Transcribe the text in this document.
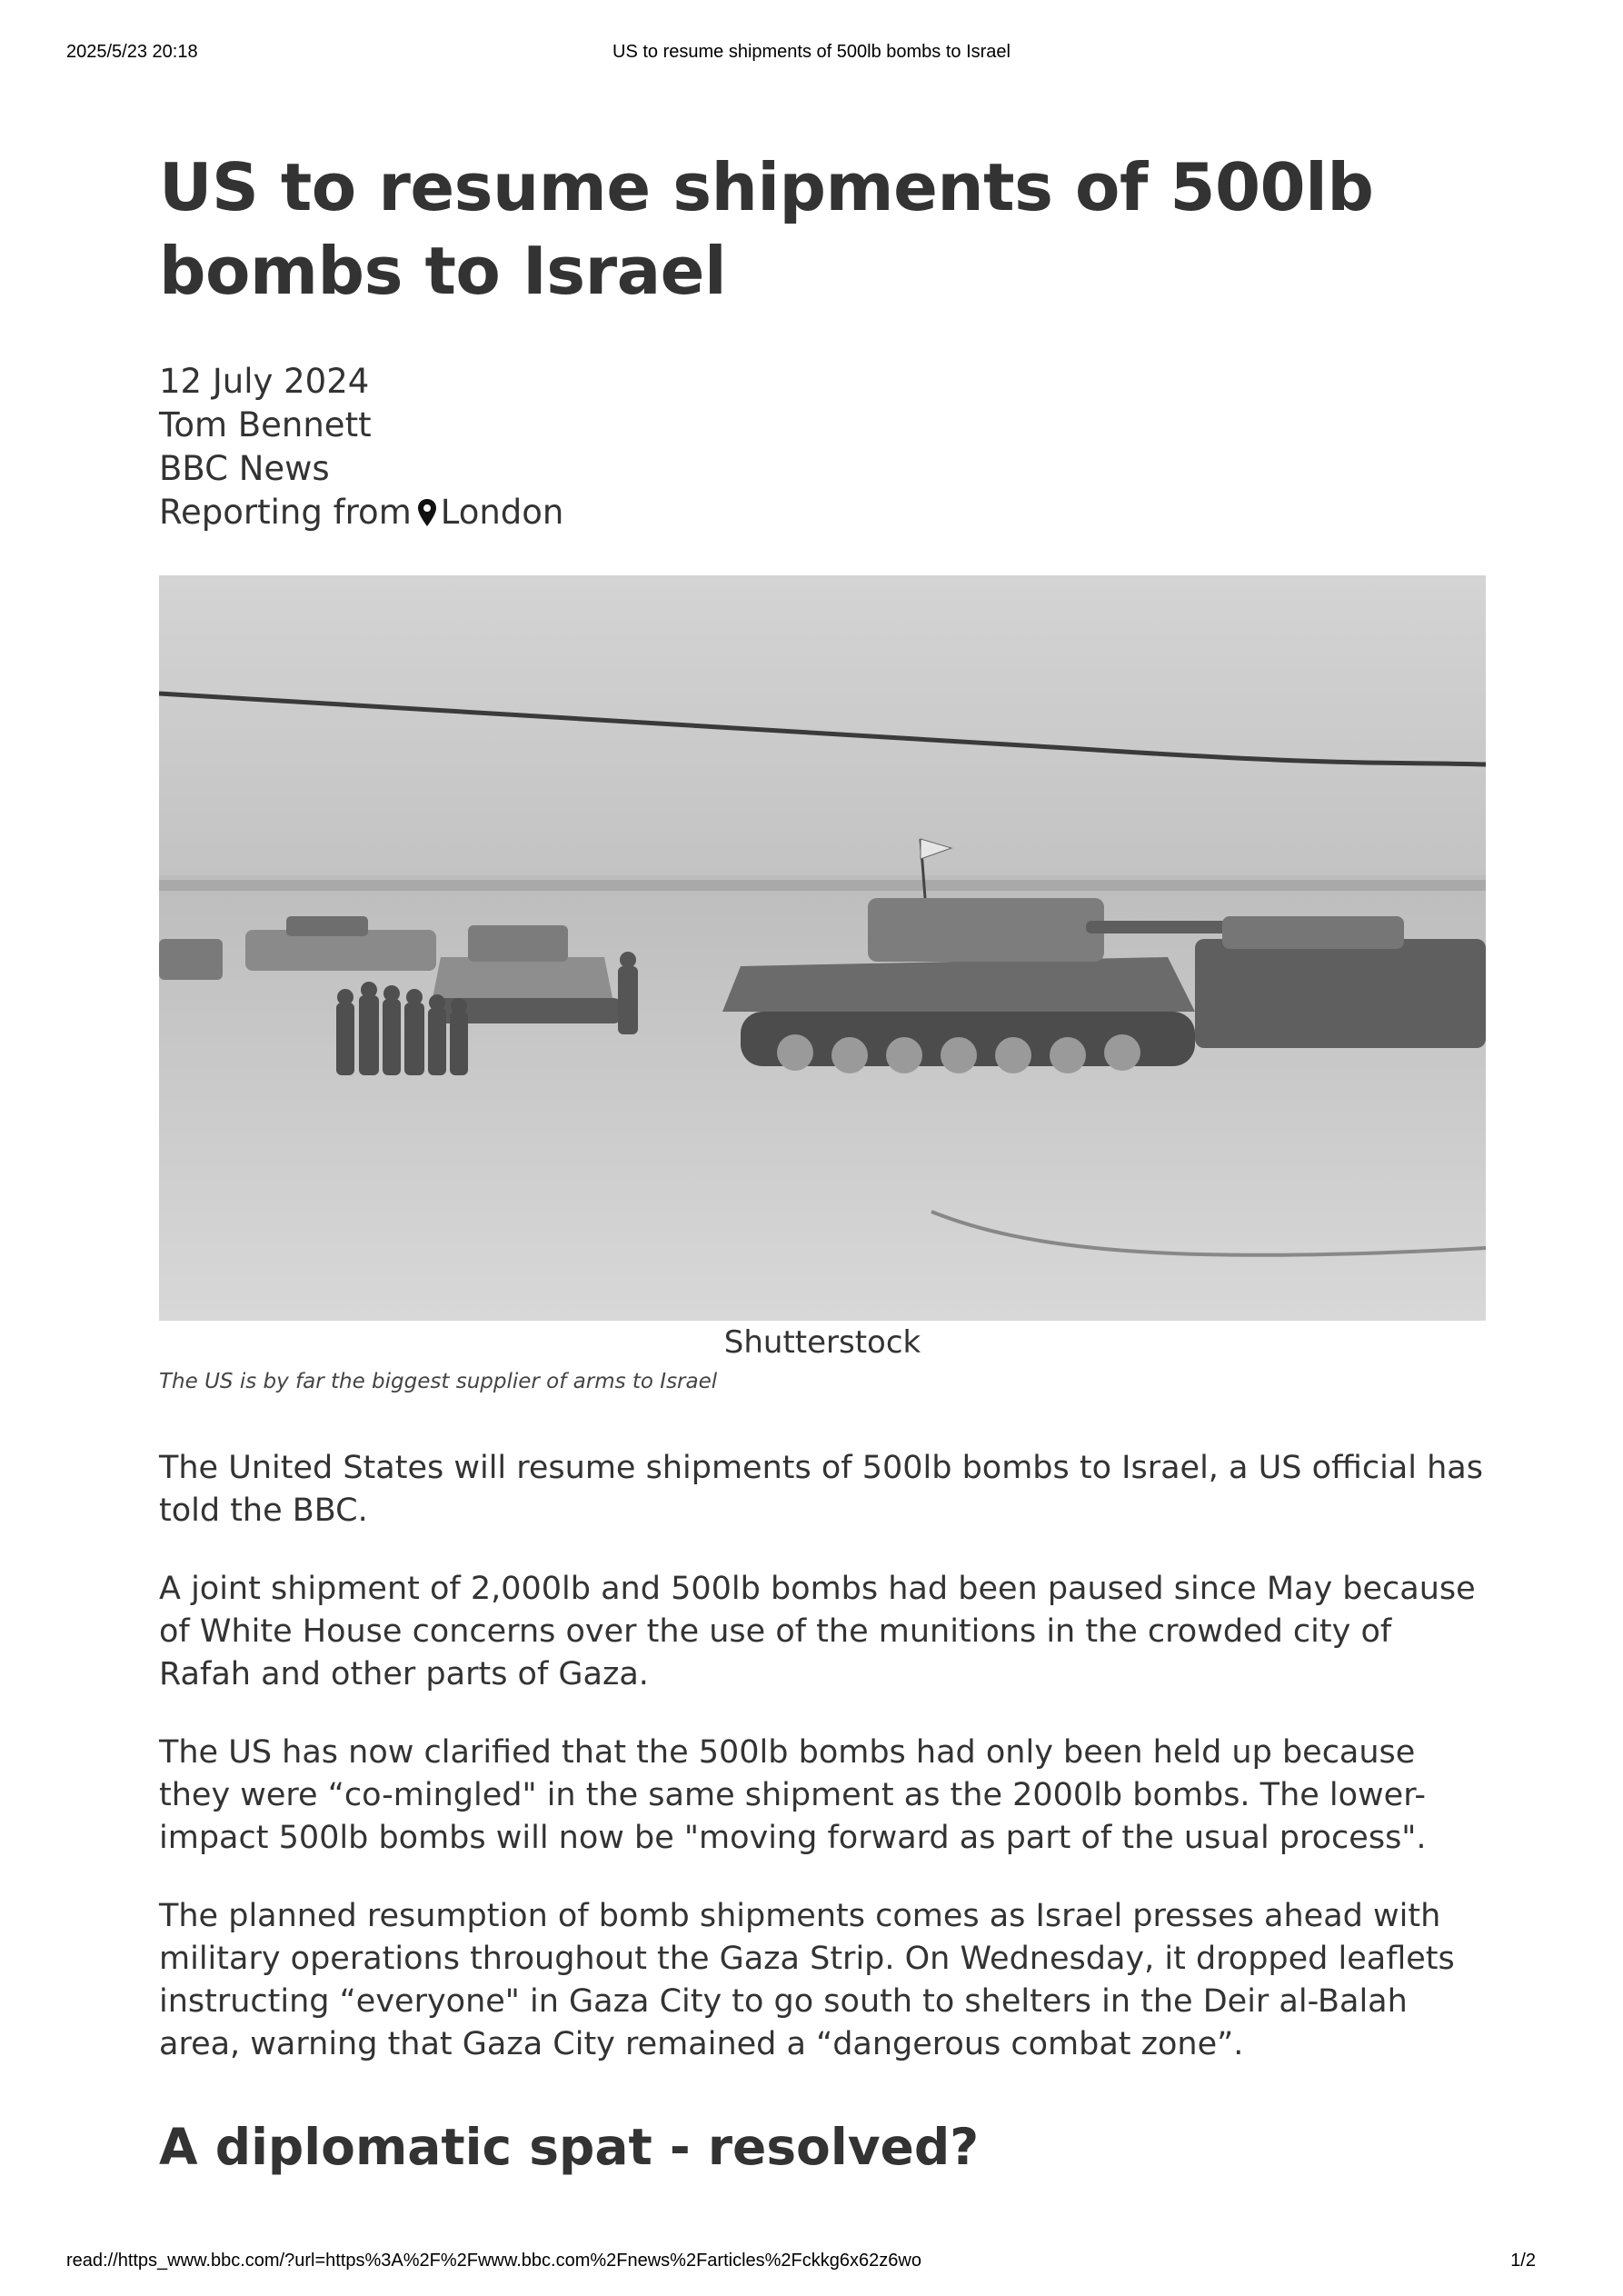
2025/5/23 20:18	US to resume shipments of 500lb bombs to Israel
US to resume shipments of 500lb bombs to Israel
12 July 2024
Tom Bennett
BBC News
Reporting from London
Shutterstock
The US is by far the biggest supplier of arms to Israel

The United States will resume shipments of 500lb bombs to Israel, a US official has told the BBC.

A joint shipment of 2,000lb and 500lb bombs had been paused since May because of White House concerns over the use of the munitions in the crowded city of Rafah and other parts of Gaza.

The US has now clarified that the 500lb bombs had only been held up because they were “co-mingled" in the same shipment as the 2000lb bombs. The lower-impact 500lb bombs will now be "moving forward as part of the usual process".

The planned resumption of bomb shipments comes as Israel presses ahead with military operations throughout the Gaza Strip. On Wednesday, it dropped leaflets instructing “everyone" in Gaza City to go south to shelters in the Deir al-Balah area, warning that Gaza City remained a “dangerous combat zone”.

A diplomatic spat - resolved?
read://https_www.bbc.com/?url=https%3A%2F%2Fwww.bbc.com%2Fnews%2Farticles%2Fckkg6x62z6wo	1/2
